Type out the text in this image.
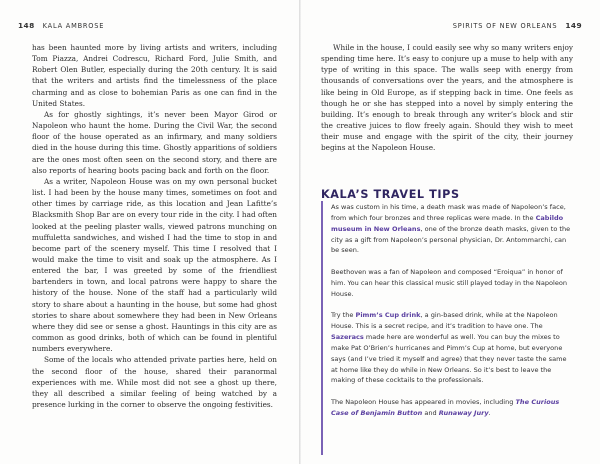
148 KALA AMBROSE

has been haunted more by living artists and writers, including Tom Piazza, Andrei Codrescu, Richard Ford, Julie Smith, and Robert Olen Butler, especially during the 20th century. It is said that the writers and artists find the timelessness of the place charming and as close to bohemian Paris as one can find in the United States.

As for ghostly sightings, it’s never been Mayor Girod or Napoleon who haunt the home. During the Civil War, the second floor of the house operated as an infirmary, and many soldiers died in the house during this time. Ghostly apparitions of soldiers are the ones most often seen on the second story, and there are also reports of hearing boots pacing back and forth on the floor.

As a writer, Napoleon House was on my own personal bucket list. I had been by the house many times, sometimes on foot and other times by carriage ride, as this location and Jean Lafitte’s Blacksmith Shop Bar are on every tour ride in the city. I had often looked at the peeling plaster walls, viewed patrons munching on muffuletta sandwiches, and wished I had the time to stop in and become part of the scenery myself. This time I resolved that I would make the time to visit and soak up the atmosphere. As I entered the bar, I was greeted by some of the friendliest bartenders in town, and local patrons were happy to share the history of the house. None of the staff had a particularly wild story to share about a haunting in the house, but some had ghost stories to share about somewhere they had been in New Orleans where they did see or sense a ghost. Hauntings in this city are as common as good drinks, both of which can be found in plentiful numbers everywhere.

Some of the locals who attended private parties here, held on the second floor of the house, shared their paranormal experiences with me. While most did not see a ghost up there, they all described a similar feeling of being watched by a presence lurking in the corner to observe the ongoing festivities.

SPIRITS OF NEW ORLEANS 149

While in the house, I could easily see why so many writers enjoy spending time here. It’s easy to conjure up a muse to help with any type of writing in this space. The walls seep with energy from thousands of conversations over the years, and the atmosphere is like being in Old Europe, as if stepping back in time. One feels as though he or she has stepped into a novel by simply entering the building. It’s enough to break through any writer’s block and stir the creative juices to flow freely again. Should they wish to meet their muse and engage with the spirit of the city, their journey begins at the Napoleon House.

KALA’S TRAVEL TIPS

As was custom in his time, a death mask was made of Napoleon’s face, from which four bronzes and three replicas were made. In the Cabildo museum in New Orleans, one of the bronze death masks, given to the city as a gift from Napoleon’s personal physician, Dr. Antommarchi, can be seen.

Beethoven was a fan of Napoleon and composed “Eroiqua” in honor of him. You can hear this classical music still played today in the Napoleon House.

Try the Pimm’s Cup drink, a gin-based drink, while at the Napoleon House. This is a secret recipe, and it’s tradition to have one. The Sazeracs made here are wonderful as well. You can buy the mixes to make Pat O’Brien’s hurricanes and Pimm’s Cup at home, but everyone says (and I’ve tried it myself and agree) that they never taste the same at home like they do while in New Orleans. So it’s best to leave the making of these cocktails to the professionals.

The Napoleon House has appeared in movies, including The Curious Case of Benjamin Button and Runaway Jury.
